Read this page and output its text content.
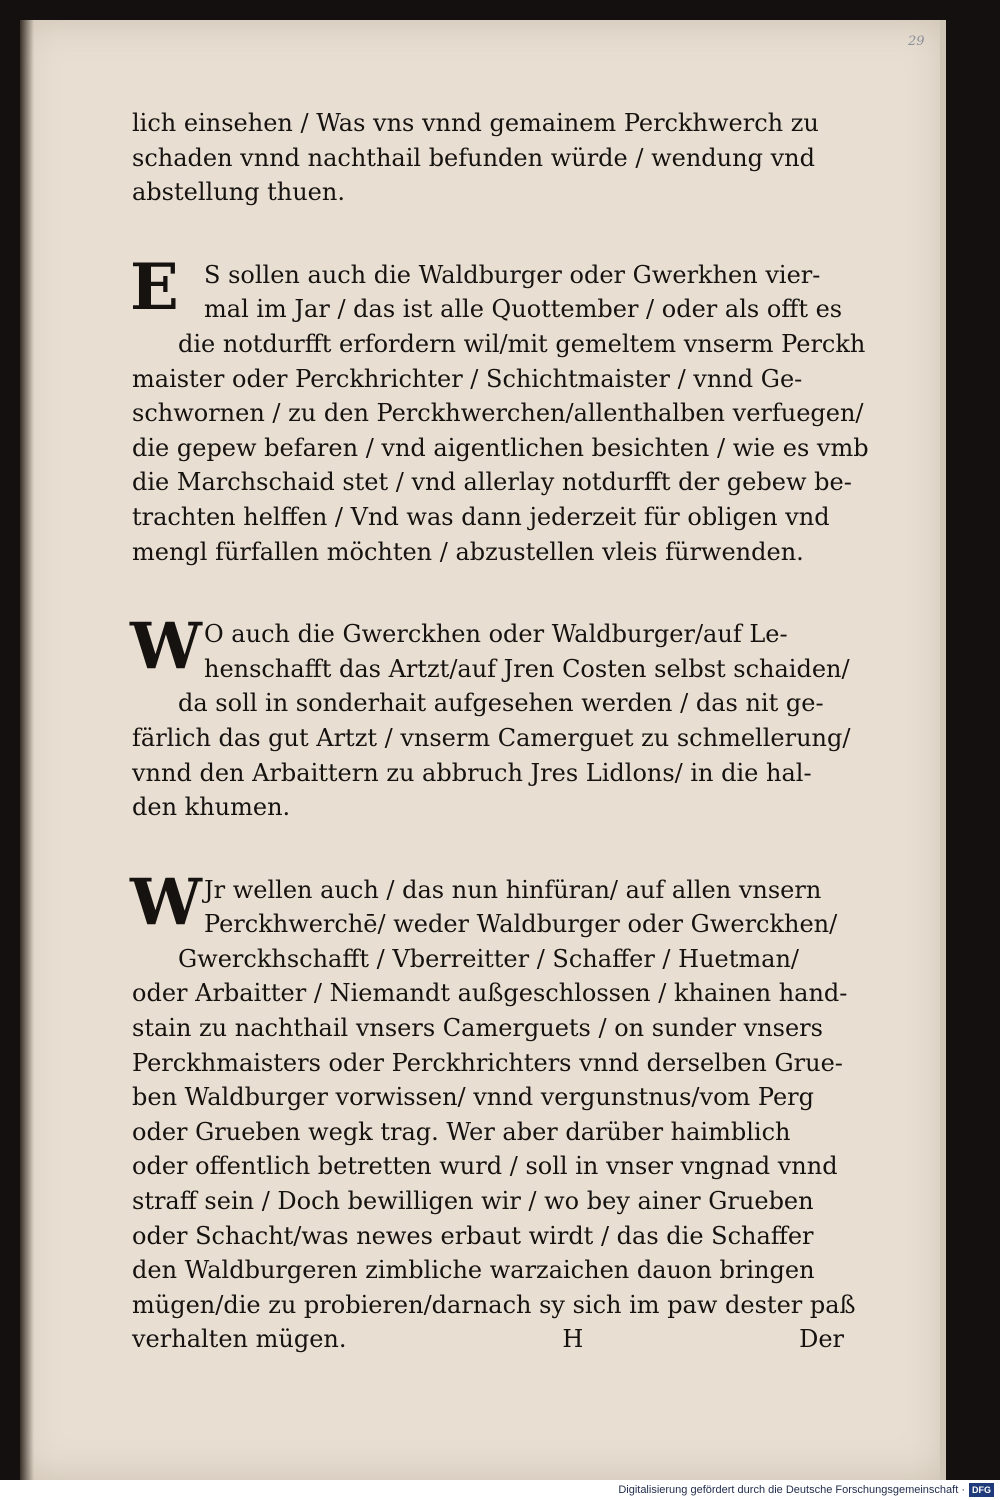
29
lich einsehen / Was vns vnnd gemainem Perckhwerch zu
schaden vnnd nachthail befunden würde / wendung vnd
abstellung thuen.
E	S sollen auch die Waldburger oder Gwerkhen vier-
mal im Jar / das ist alle Quottember / oder als offt es
die notdurfft erfordern wil/mit gemeltem vnserm Perckh
maister oder Perckhrichter / Schichtmaister / vnnd Ge-
schwornen / zu den Perckhwerchen/allenthalben verfuegen/
die gepew befaren / vnd aigentlichen besichten / wie es vmb
die Marchschaid stet / vnd allerlay notdurfft der gebew be-
trachten helffen / Vnd was dann jederzeit für obligen vnd
mengl fürfallen möchten / abzustellen vleis fürwenden.
W O auch die Gwerckhen oder Waldburger/auf Le-
henschafft das Artzt/auf Jren Costen selbst schaiden/
da soll in sonderhait aufgesehen werden / das nit ge-
färlich das gut Artzt / vnserm Camerguet zu schmellerung/
vnnd den Arbaittern zu abbruch Jres Lidlons/ in die hal-
den khumen.
W Jr wellen auch / das nun hinfüran/ auf allen vnsern
Perckhwerchē/ weder Waldburger oder Gwerckhen/
Gwerckhschafft / Vberreitter / Schaffer / Huetman/
oder Arbaitter / Niemandt außgeschlossen / khainen hand-
stain zu nachthail vnsers Camerguets / on sunder vnsers
Perckhmaisters oder Perckhrichters vnnd derselben Grue-
ben Waldburger vorwissen/ vnnd vergunstnus/vom Perg
oder Grueben wegk trag. Wer aber darüber haimblich
oder offentlich betretten wurd / soll in vnser vngnad vnnd
straff sein / Doch bewilligen wir / wo bey ainer Grueben
oder Schacht/was newes erbaut wirdt / das die Schaffer
den Waldburgeren zimbliche warzaichen dauon bringen
mügen/die zu probieren/darnach sy sich im paw dester paß
verhalten mügen.	H	Der
Digitalisierung gefördert durch die Deutsche Forschungsgemeinschaft · DFG
